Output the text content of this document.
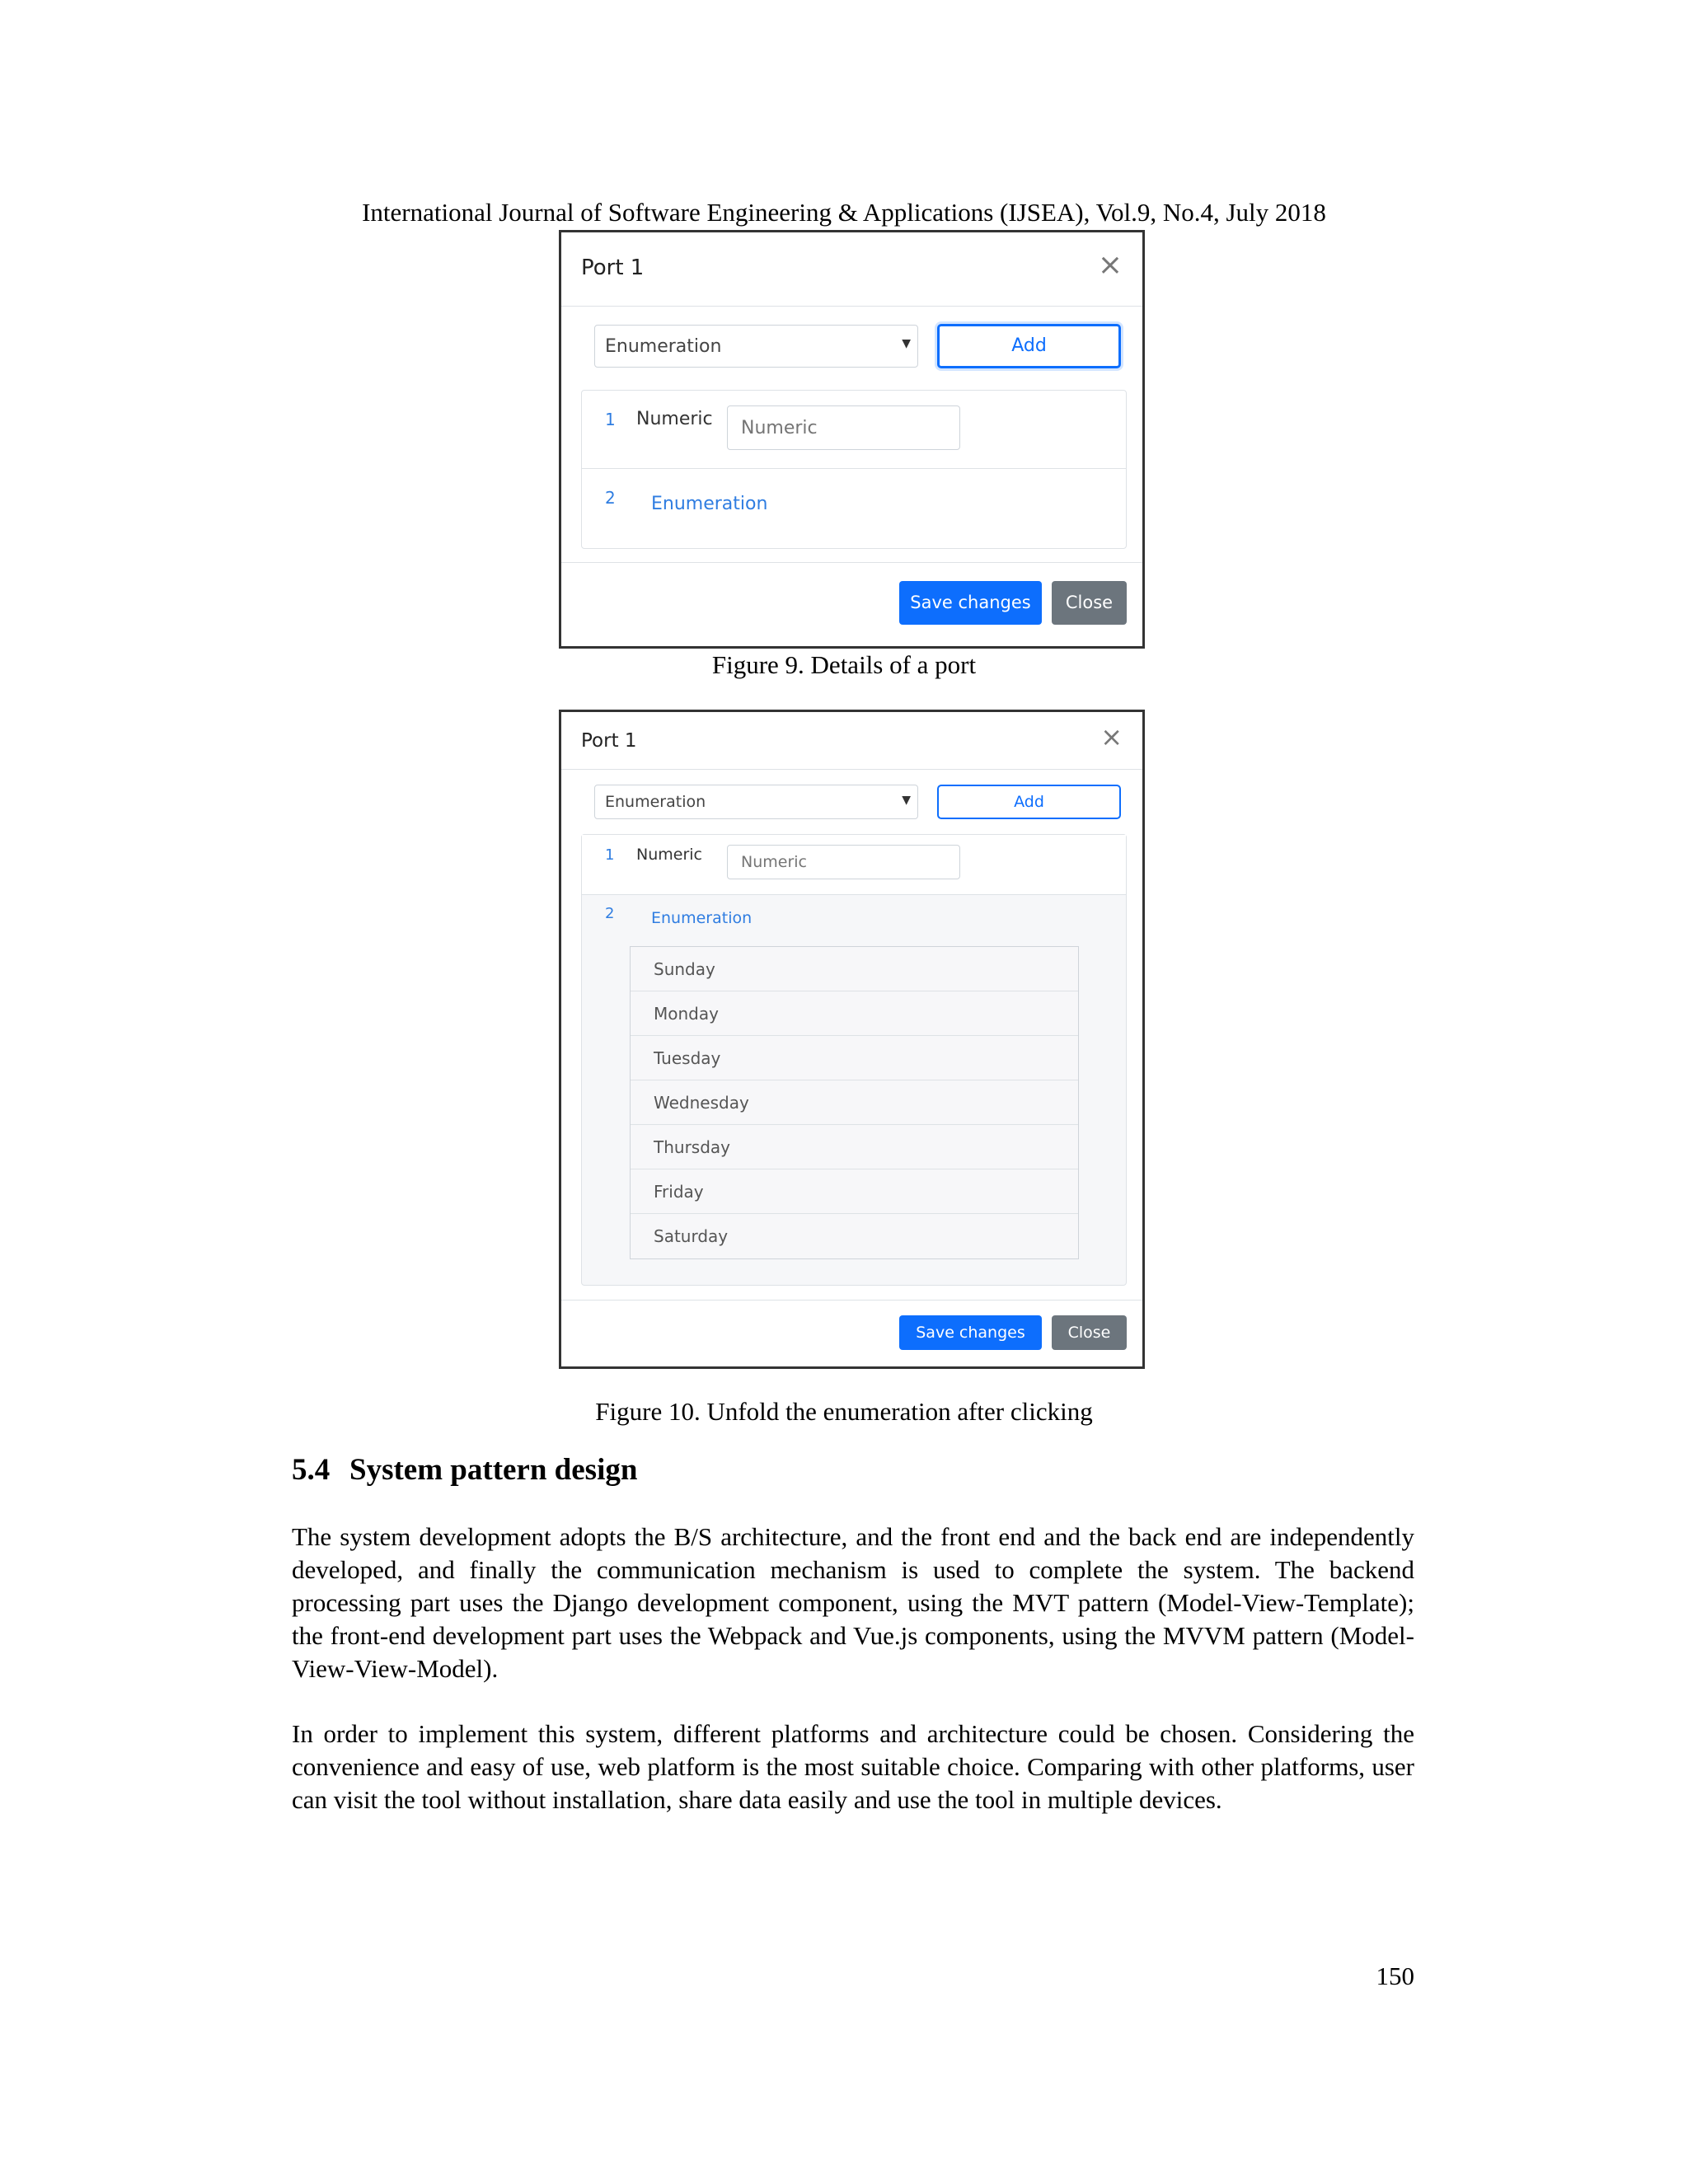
International Journal of Software Engineering & Applications (IJSEA), Vol.9, No.4, July 2018
Port 1	×
Enumeration	▼	Add
1 Numeric
Numeric
2 Enumeration
Save changes	Close
Figure 9. Details of a port
Port 1	×
Enumeration	▼	Add
1 Numeric
Numeric
2 Enumeration
Sunday
Monday
Tuesday
Wednesday
Thursday
Friday
Saturday
Save changes	Close
Figure 10. Unfold the enumeration after clicking
5.4 System pattern design

The system development adopts the B/S architecture, and the front end and the back end are independently developed, and finally the communication mechanism is used to complete the system. The backend processing part uses the Django development component, using the MVT pattern (Model-View-Template); the front-end development part uses the Webpack and Vue.js components, using the MVVM pattern (Model-View-View-Model).

In order to implement this system, different platforms and architecture could be chosen. Considering the convenience and easy of use, web platform is the most suitable choice. Comparing with other platforms, user can visit the tool without installation, share data easily and use the tool in multiple devices.

150
